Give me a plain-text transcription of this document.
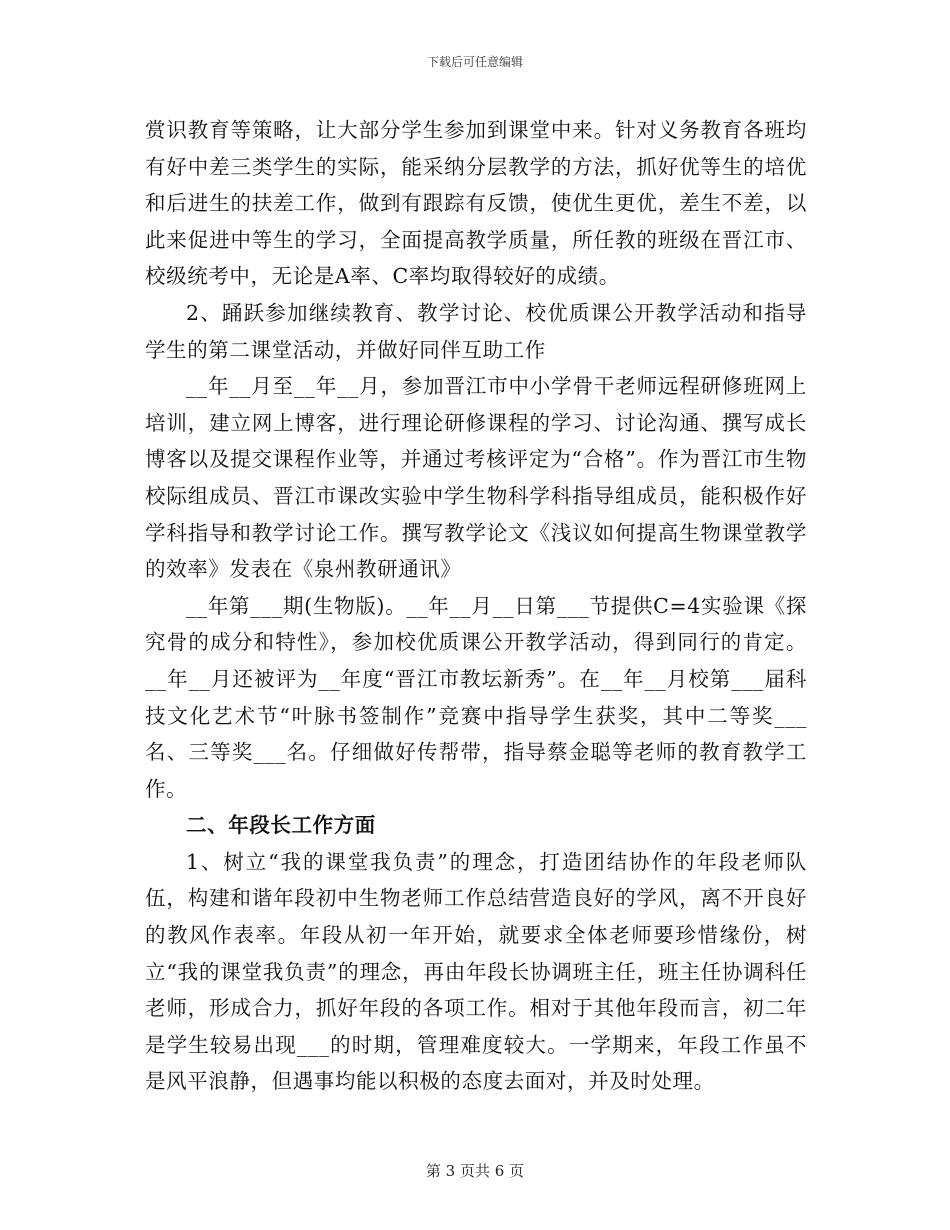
下载后可任意编辑

赏识教育等策略，让大部分学生参加到课堂中来。针对义务教育各班均有好中差三类学生的实际，能采纳分层教学的方法，抓好优等生的培优和后进生的扶差工作，做到有跟踪有反馈，使优生更优，差生不差，以此来促进中等生的学习，全面提高教学质量，所任教的班级在晋江市、校级统考中，无论是A率、C率均取得较好的成绩。

2、踊跃参加继续教育、教学讨论、校优质课公开教学活动和指导学生的第二课堂活动，并做好同伴互助工作

__年__月至__年__月，参加晋江市中小学骨干老师远程研修班网上培训，建立网上博客，进行理论研修课程的学习、讨论沟通、撰写成长博客以及提交课程作业等，并通过考核评定为“合格”。作为晋江市生物校际组成员、晋江市课改实验中学生物科学科指导组成员，能积极作好学科指导和教学讨论工作。撰写教学论文《浅议如何提高生物课堂教学的效率》发表在《泉州教研通讯》

__年第___期(生物版)。__年__月__日第___节提供C=4实验课《探究骨的成分和特性》，参加校优质课公开教学活动，得到同行的肯定。__年__月还被评为__年度“晋江市教坛新秀”。在__年__月校第___届科技文化艺术节“叶脉书签制作”竞赛中指导学生获奖，其中二等奖___名、三等奖___名。仔细做好传帮带，指导蔡金聪等老师的教育教学工作。

二、年段长工作方面

1、树立“我的课堂我负责”的理念，打造团结协作的年段老师队伍，构建和谐年段初中生物老师工作总结营造良好的学风，离不开良好的教风作表率。年段从初一年开始，就要求全体老师要珍惜缘份，树立“我的课堂我负责”的理念，再由年段长协调班主任，班主任协调科任老师，形成合力，抓好年段的各项工作。相对于其他年段而言，初二年是学生较易出现___的时期，管理难度较大。一学期来，年段工作虽不是风平浪静，但遇事均能以积极的态度去面对，并及时处理。

第 3 页共 6 页
